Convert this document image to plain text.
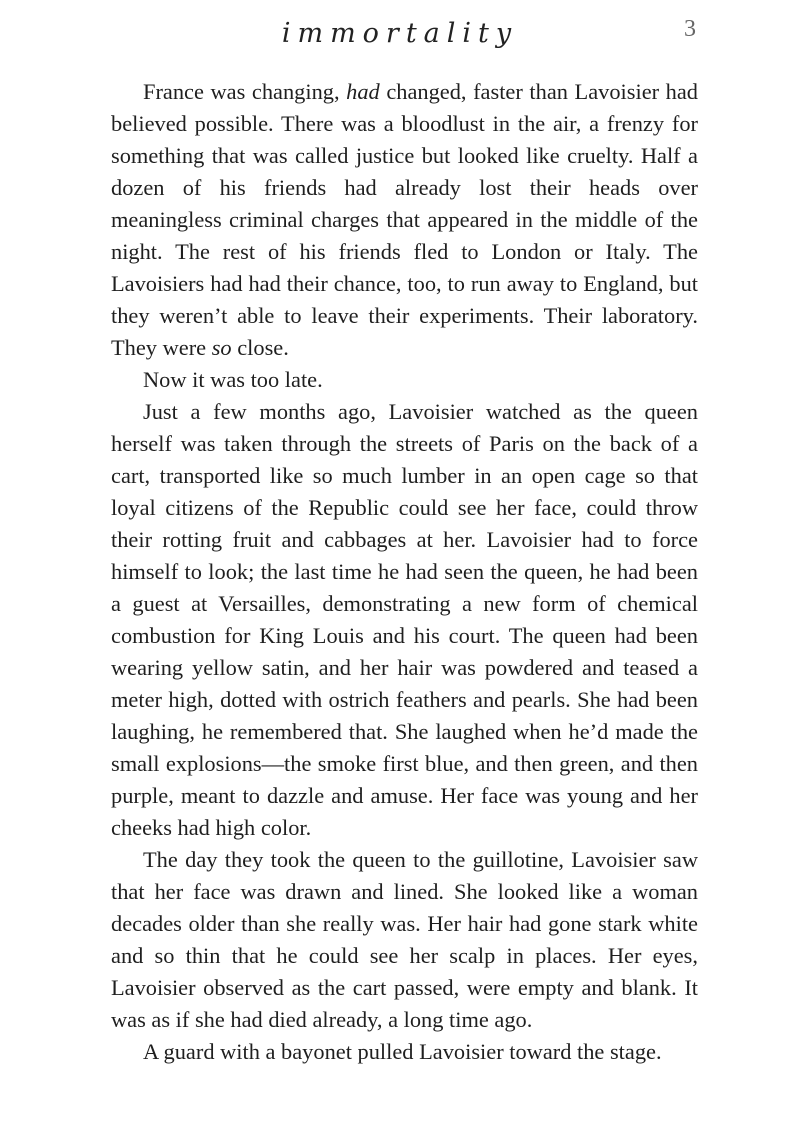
immortality	3

France was changing, had changed, faster than Lavoisier had believed possible. There was a bloodlust in the air, a frenzy for something that was called justice but looked like cruelty. Half a dozen of his friends had already lost their heads over meaningless criminal charges that appeared in the middle of the night. The rest of his friends fled to London or Italy. The Lavoisiers had had their chance, too, to run away to England, but they weren’t able to leave their experiments. Their laboratory. They were so close.

Now it was too late.

Just a few months ago, Lavoisier watched as the queen herself was taken through the streets of Paris on the back of a cart, transported like so much lumber in an open cage so that loyal citizens of the Republic could see her face, could throw their rotting fruit and cabbages at her. Lavoisier had to force himself to look; the last time he had seen the queen, he had been a guest at Versailles, demonstrating a new form of chemical combustion for King Louis and his court. The queen had been wearing yellow satin, and her hair was powdered and teased a meter high, dotted with ostrich feathers and pearls. She had been laughing, he remembered that. She laughed when he’d made the small explosions—the smoke first blue, and then green, and then purple, meant to dazzle and amuse. Her face was young and her cheeks had high color.

The day they took the queen to the guillotine, Lavoisier saw that her face was drawn and lined. She looked like a woman decades older than she really was. Her hair had gone stark white and so thin that he could see her scalp in places. Her eyes, Lavoisier observed as the cart passed, were empty and blank. It was as if she had died already, a long time ago.

A guard with a bayonet pulled Lavoisier toward the stage.
